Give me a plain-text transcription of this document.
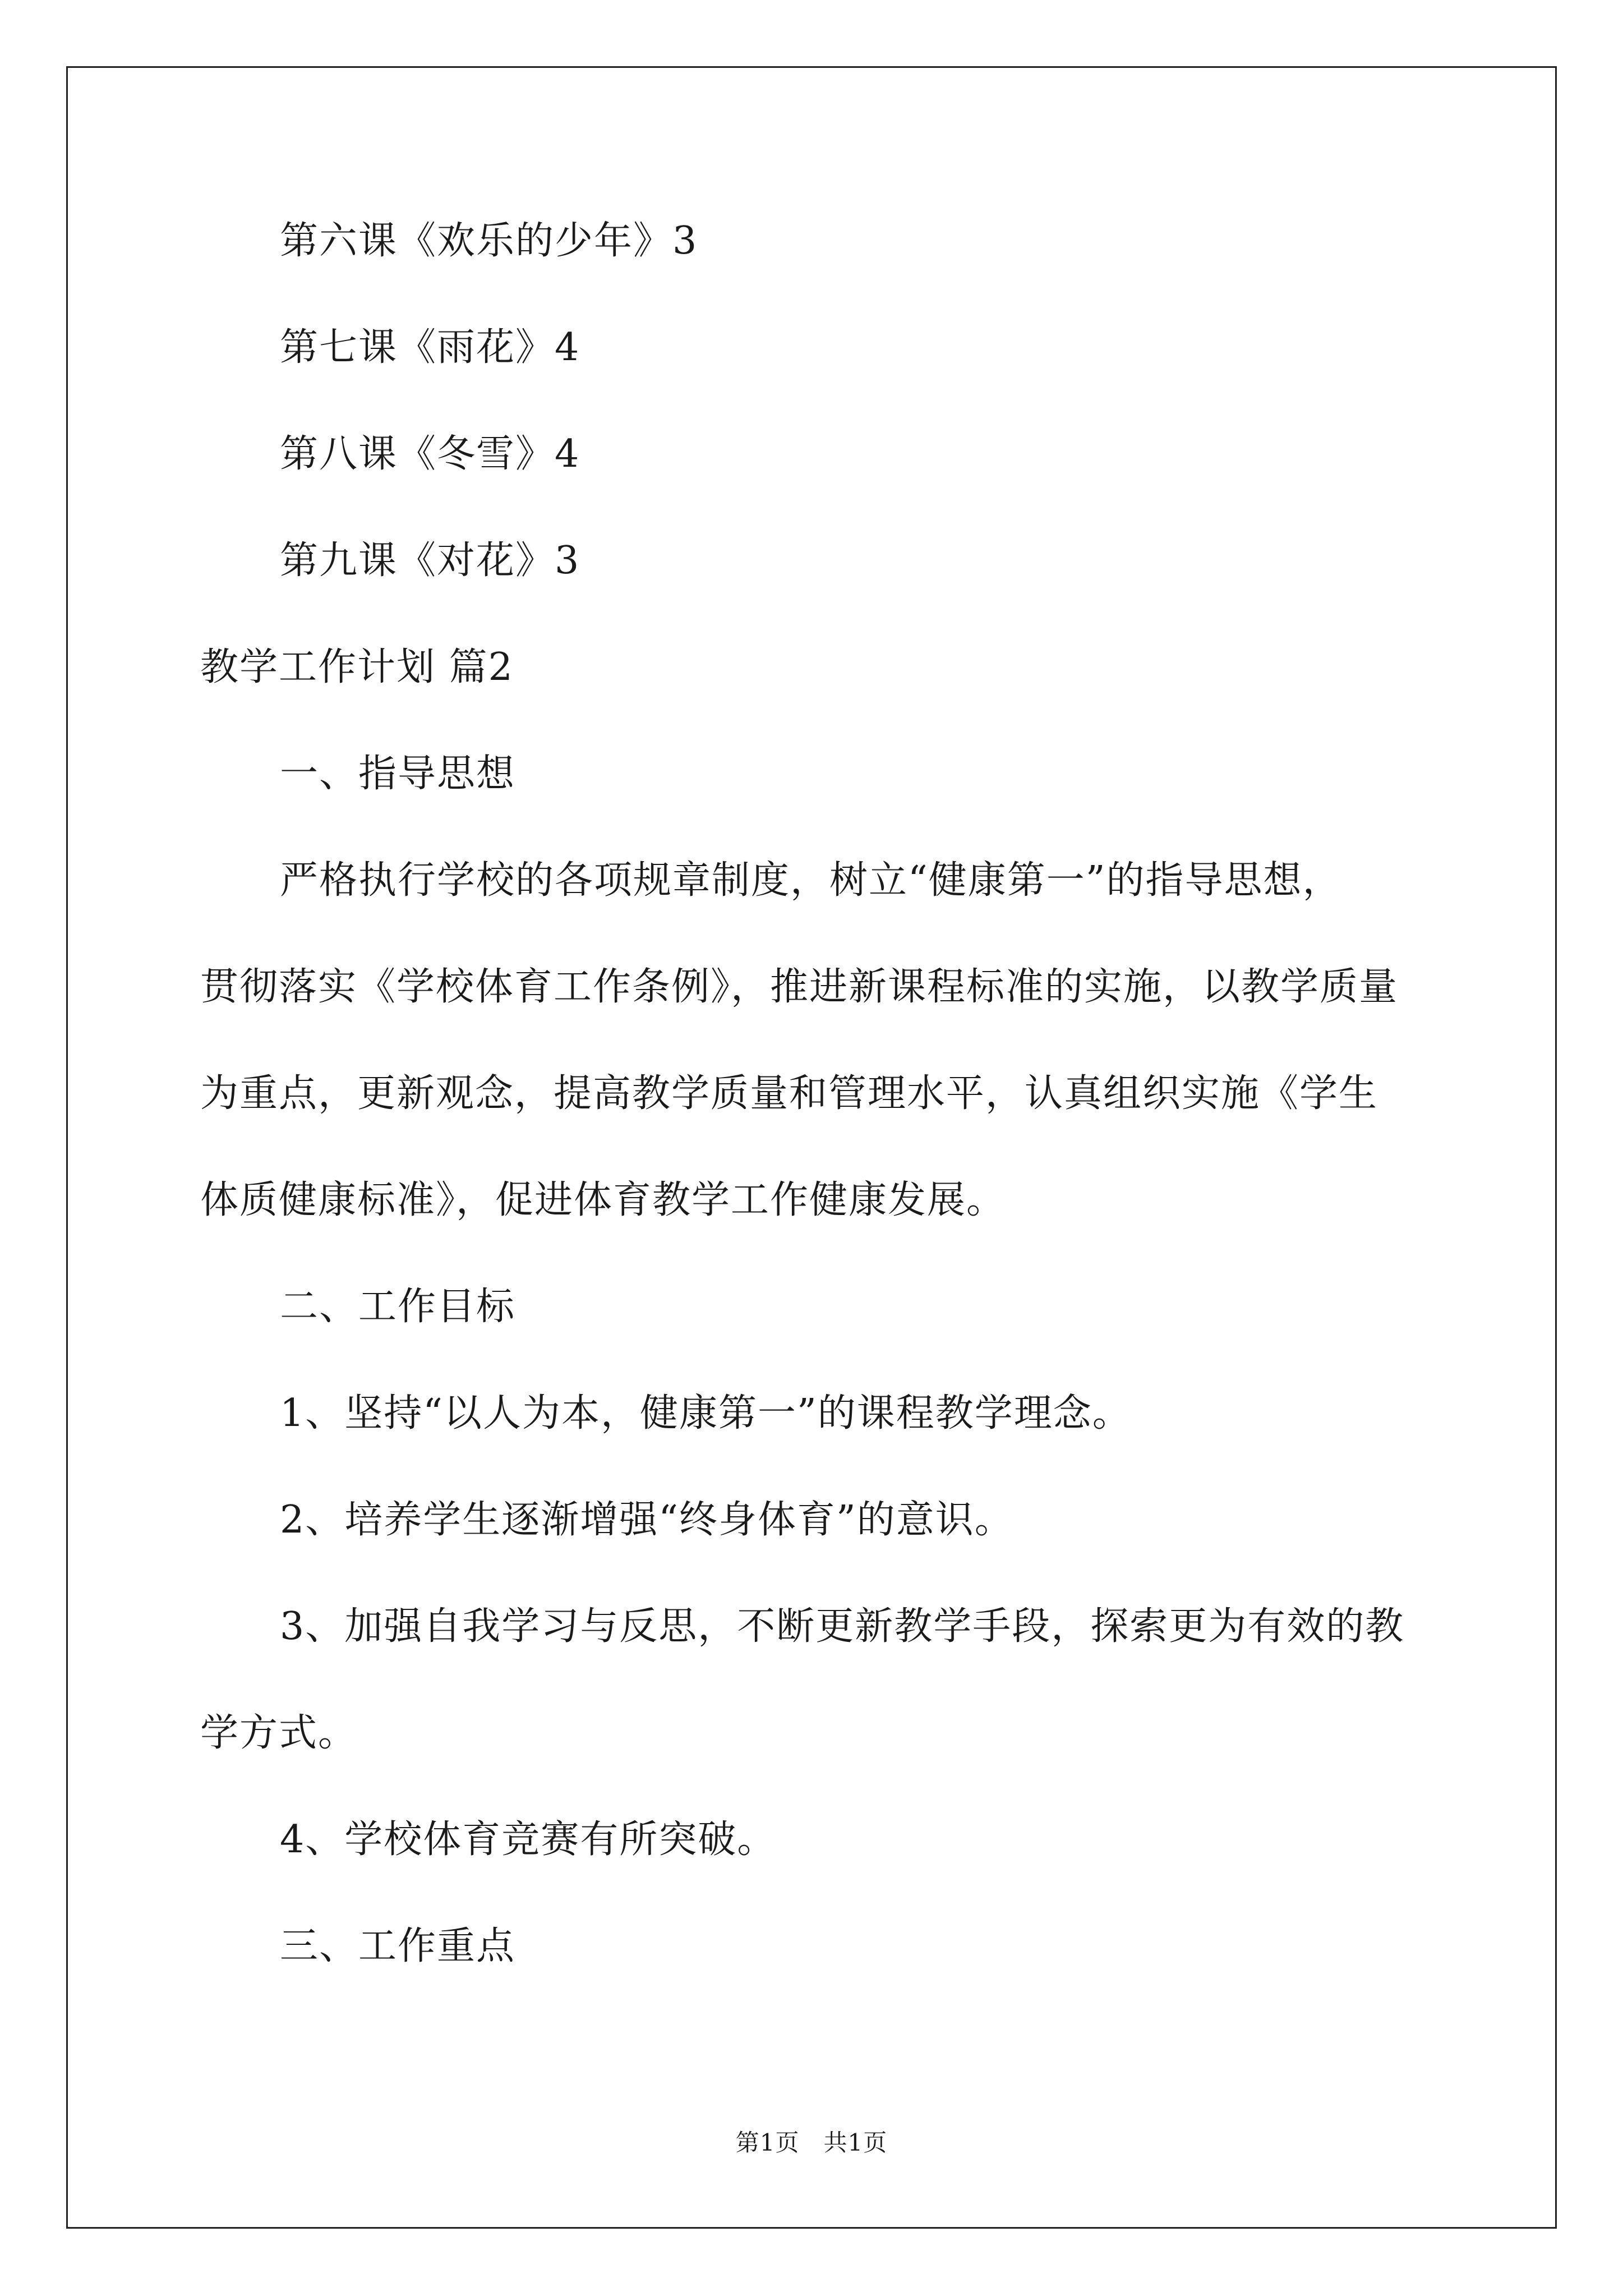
第六课《欢乐的少年》3
第七课《雨花》4
第八课《冬雪》4
第九课《对花》3
教学工作计划 篇2
一、指导思想
严格执行学校的各项规章制度，树立“健康第一”的指导思想，
贯彻落实《学校体育工作条例》，推进新课程标准的实施，以教学质量
为重点，更新观念，提高教学质量和管理水平，认真组织实施《学生
体质健康标准》，促进体育教学工作健康发展。
二、工作目标
1、坚持“以人为本，健康第一”的课程教学理念。
2、培养学生逐渐增强“终身体育”的意识。
3、加强自我学习与反思，不断更新教学手段，探索更为有效的教
学方式。
4、学校体育竞赛有所突破。
三、工作重点
第1页　共1页
